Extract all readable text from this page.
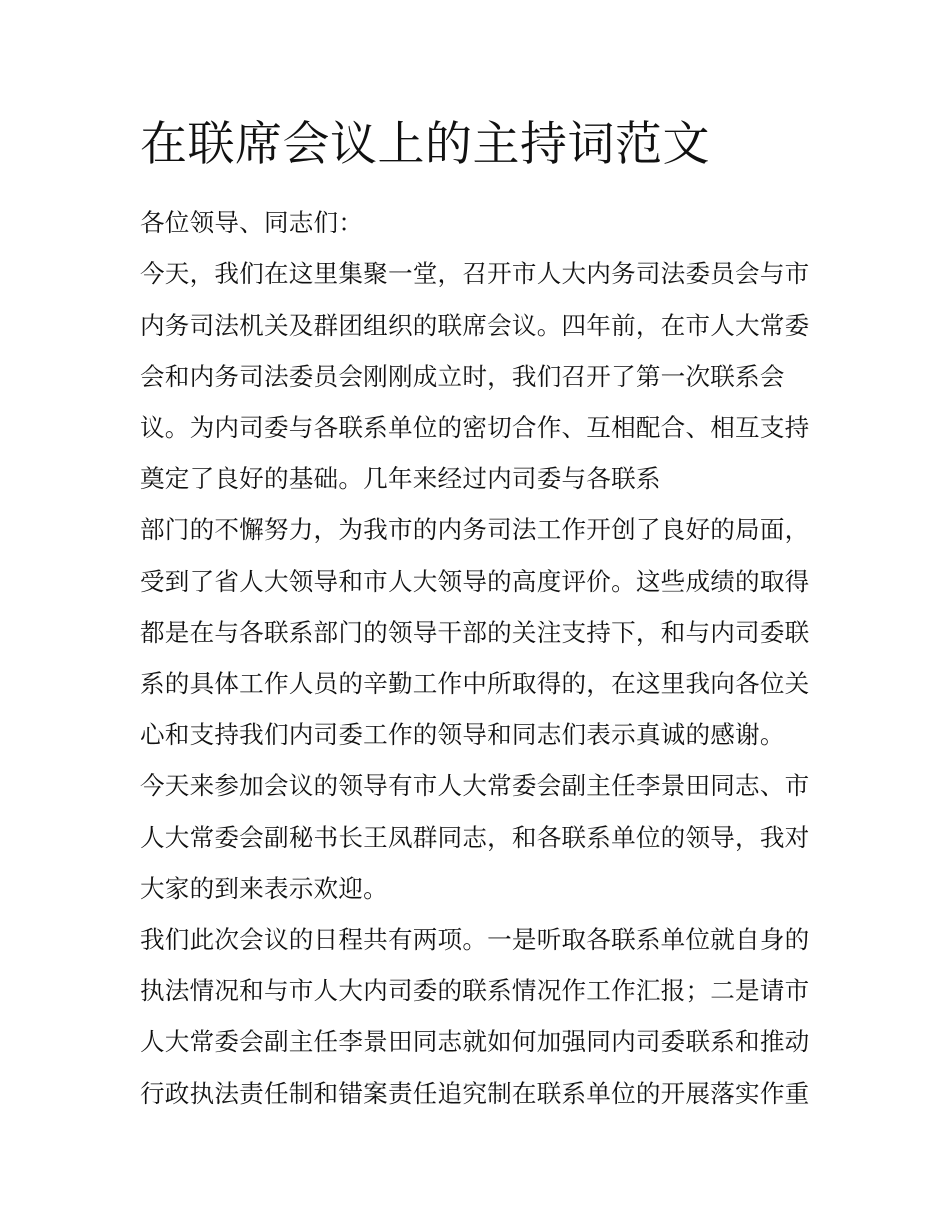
在联席会议上的主持词范文
各位领导、同志们：
今天，我们在这里集聚一堂，召开市人大内务司法委员会与市
内务司法机关及群团组织的联席会议。四年前，在市人大常委
会和内务司法委员会刚刚成立时，我们召开了第一次联系会
议。为内司委与各联系单位的密切合作、互相配合、相互支持
奠定了良好的基础。几年来经过内司委与各联系
部门的不懈努力，为我市的内务司法工作开创了良好的局面，
受到了省人大领导和市人大领导的高度评价。这些成绩的取得
都是在与各联系部门的领导干部的关注支持下，和与内司委联
系的具体工作人员的辛勤工作中所取得的，在这里我向各位关
心和支持我们内司委工作的领导和同志们表示真诚的感谢。
今天来参加会议的领导有市人大常委会副主任李景田同志、市
人大常委会副秘书长王凤群同志，和各联系单位的领导，我对
大家的到来表示欢迎。
我们此次会议的日程共有两项。一是听取各联系单位就自身的
执法情况和与市人大内司委的联系情况作工作汇报；二是请市
人大常委会副主任李景田同志就如何加强同内司委联系和推动
行政执法责任制和错案责任追究制在联系单位的开展落实作重
